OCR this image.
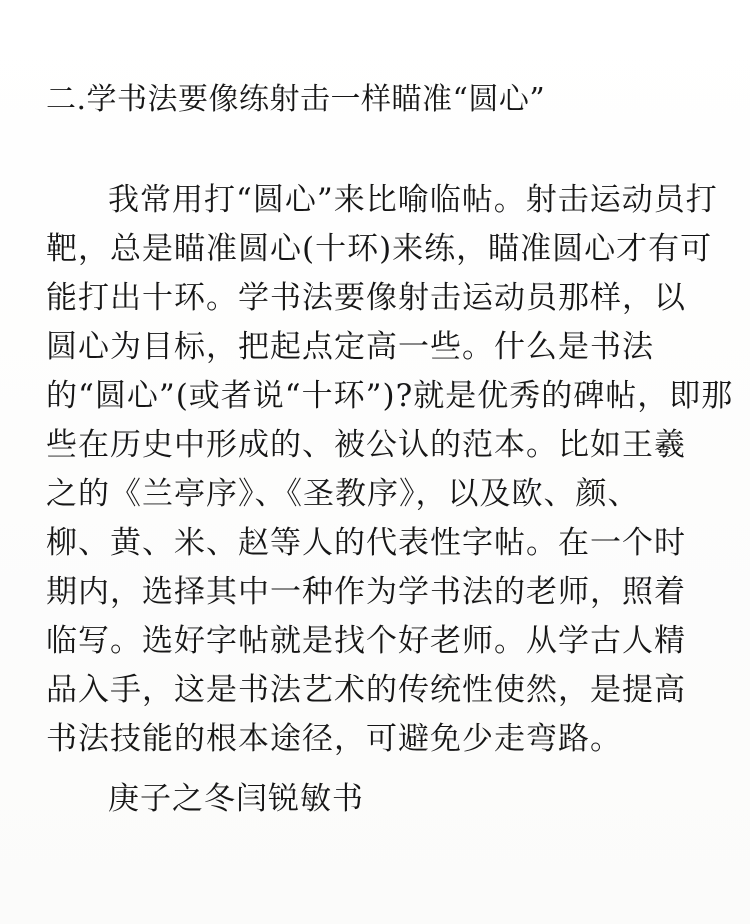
二.学书法要像练射击一样瞄准“圆心”
我常用打“圆心”来比喻临帖。射击运动员打
靶，总是瞄准圆心(十环)来练，瞄准圆心才有可
能打出十环。学书法要像射击运动员那样，以
圆心为目标，把起点定高一些。什么是书法
的“圆心”(或者说“十环”)?就是优秀的碑帖，即那
些在历史中形成的、被公认的范本。比如王羲
之的《兰亭序》、《圣教序》，以及欧、颜、
柳、黄、米、赵等人的代表性字帖。在一个时
期内，选择其中一种作为学书法的老师，照着
临写。选好字帖就是找个好老师。从学古人精
品入手，这是书法艺术的传统性使然，是提高
书法技能的根本途径，可避免少走弯路。
庚子之冬闫锐敏书
